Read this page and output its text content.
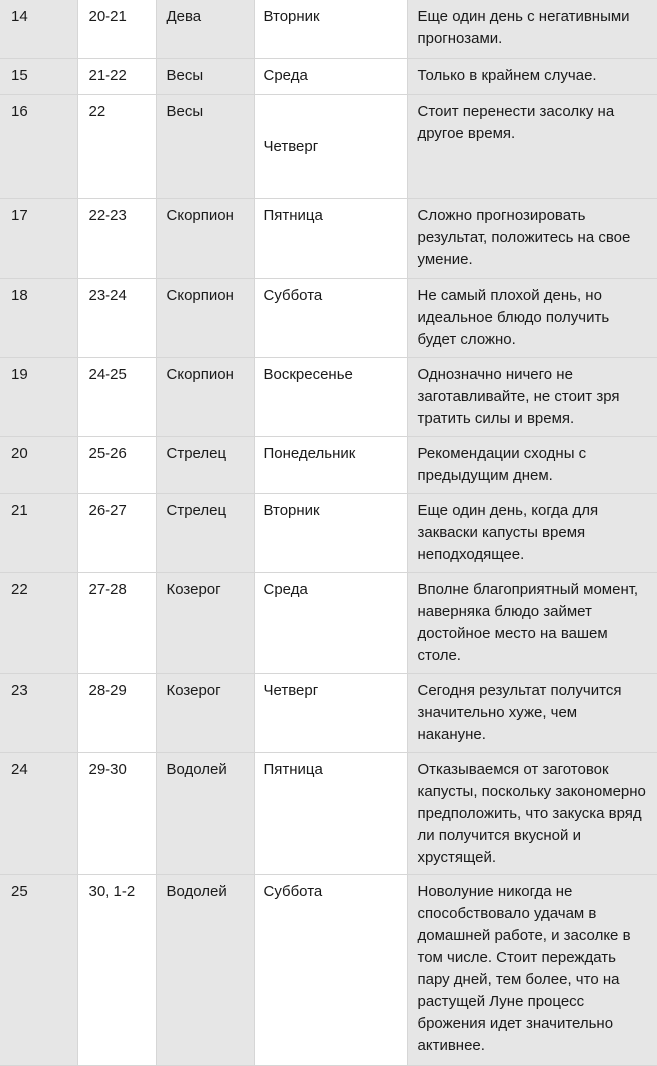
14	20-21	Дева	Вторник	Еще один день с негативными прогнозами.
15	21-22	Весы	Среда	Только в крайнем случае.
16	22	Весы	Четверг	Стоит перенести засолку на другое время.
17	22-23	Скорпион	Пятница	Сложно прогнозировать результат, положитесь на свое умение.
18	23-24	Скорпион	Суббота	Не самый плохой день, но идеальное блюдо получить будет сложно.
19	24-25	Скорпион	Воскресенье	Однозначно ничего не заготавливайте, не стоит зря тратить силы и время.
20	25-26	Стрелец	Понедельник	Рекомендации сходны с предыдущим днем.
21	26-27	Стрелец	Вторник	Еще один день, когда для закваски капусты время неподходящее.
22	27-28	Козерог	Среда	Вполне благоприятный момент, наверняка блюдо займет достойное место на вашем столе.
23	28-29	Козерог	Четверг	Сегодня результат получится значительно хуже, чем накануне.
24	29-30	Водолей	Пятница	Отказываемся от заготовок капусты, поскольку закономерно предположить, что закуска вряд ли получится вкусной и хрустящей.
25	30, 1-2	Водолей	Суббота	Новолуние никогда не способствовало удачам в домашней работе, и засолке в том числе. Стоит переждать пару дней, тем более, что на растущей Луне процесс брожения идет значительно активнее.
